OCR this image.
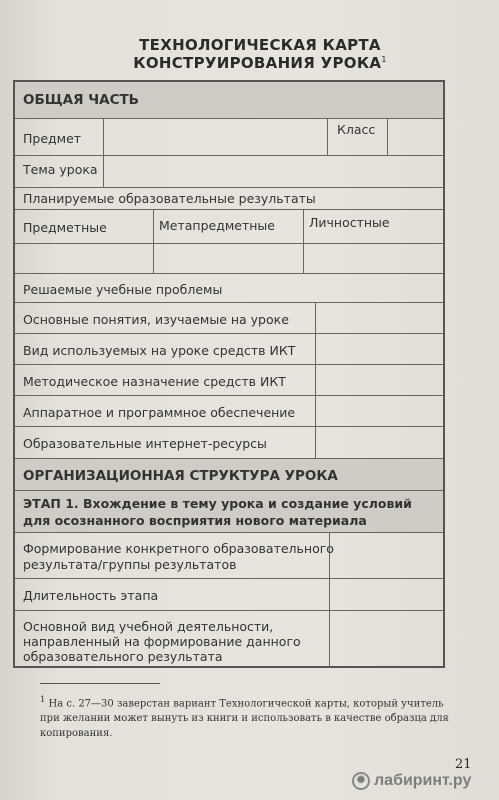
ТЕХНОЛОГИЧЕСКАЯ КАРТА
КОНСТРУИРОВАНИЯ УРОКА$^1$
ОБЩАЯ ЧАСТЬ
Предмет
Класс
Тема урока
Планируемые образовательные результаты
Предметные	Метапредметные	Личностные
Решаемые учебные проблемы
Основные понятия, изучаемые на уроке
Вид используемых на уроке средств ИКТ
Методическое назначение средств ИКТ
Аппаратное и программное обеспечение
Образовательные интернет-ресурсы
ОРГАНИЗАЦИОННАЯ СТРУКТУРА УРОКА
ЭТАП 1. Вхождение в тему урока и создание условий
для осознанного восприятия нового материала
Формирование конкретного образовательного
результата/группы результатов
Длительность этапа
Основной вид учебной деятельности,
направленный на формирование данного
образовательного результата
$^1$ На с. 27—30 заверстан вариант Технологической карты, который учитель при желании может вынуть из книги и использовать в качестве образца для копирования.
21
✺ лабиринт.ру
